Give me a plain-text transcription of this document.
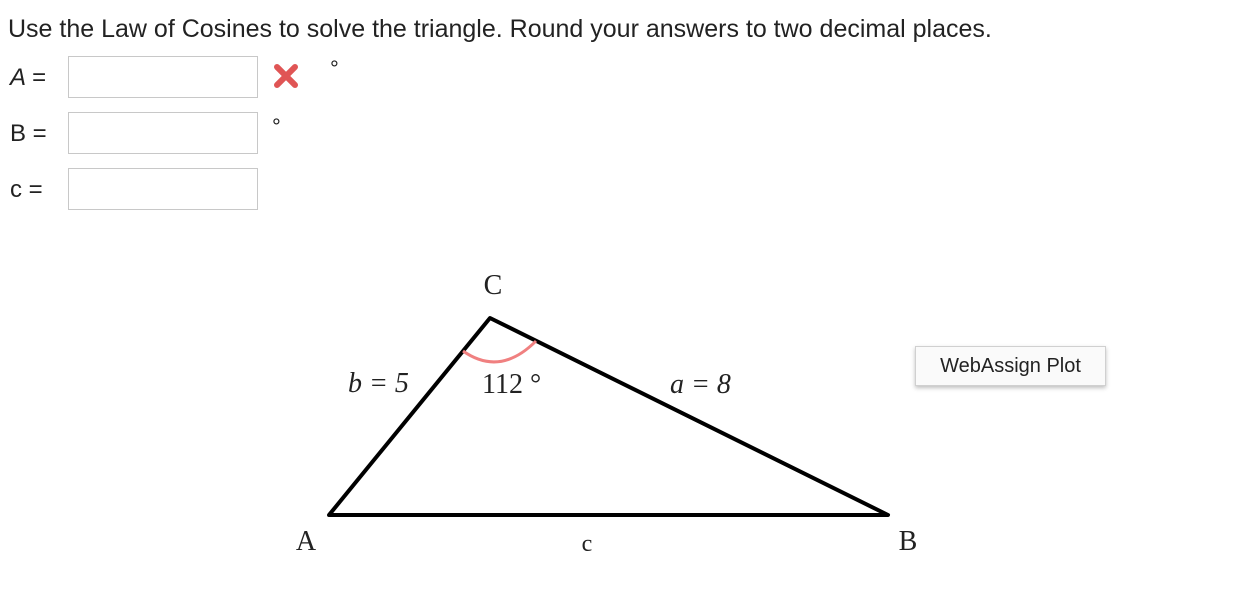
Use the Law of Cosines to solve the triangle. Round your answers to two decimal places.
A =	°
B =	°
c =
C
A	B
b = 5	a = 8
c
112 °
WebAssign Plot
